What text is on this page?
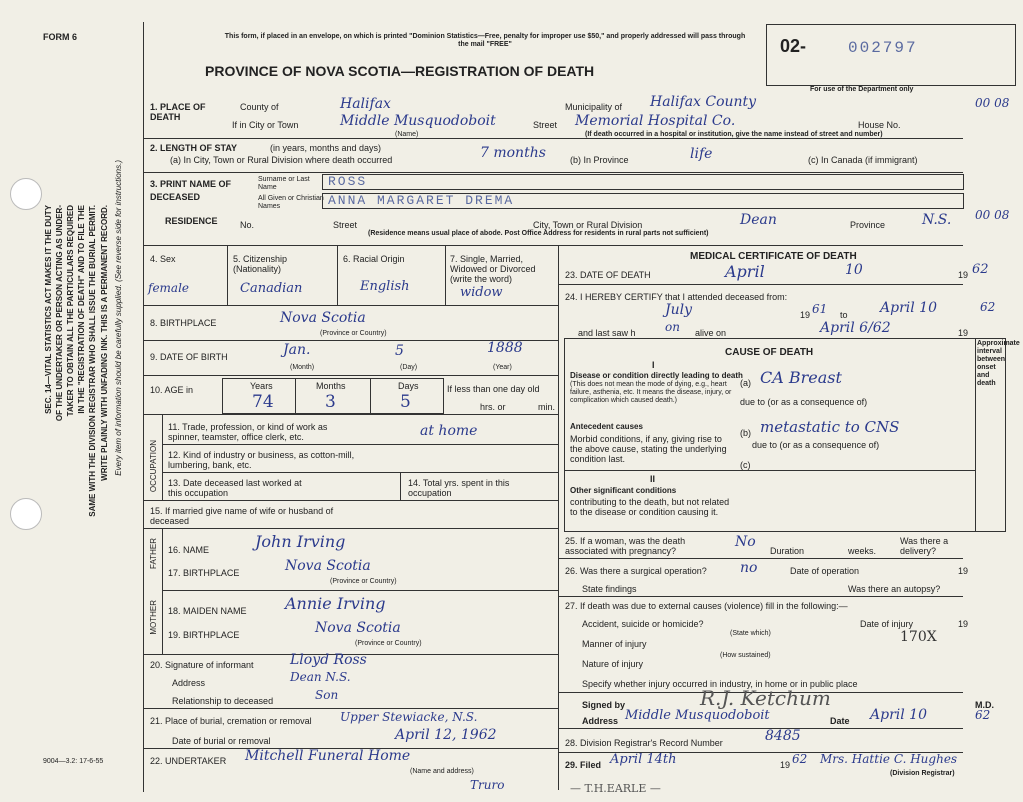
FORM 6
SEC. 14—VITAL STATISTICS ACT MAKES IT THE DUTY OF THE UNDERTAKER OR PERSON ACTING AS UNDER- TAKER TO OBTAIN ALL THE PARTICULARS REQUIRED IN THE "REGISTRATION OF DEATH" AND TO FILE THE SAME WITH THE DIVISION REGISTRAR WHO SHALL ISSUE THE BURIAL PERMIT. WRITE PLAINLY WITH UNFADING INK. THIS IS A PERMANENT RECORD. Every item of information should be carefully supplied. (See reverse side for instructions.)
9004—3.2: 17-6-55
This form, if placed in an envelope, on which is printed "Dominion Statistics—Free, penalty for improper use $50," and properly addressed will pass through the mail "FREE"
PROVINCE OF NOVA SCOTIA—REGISTRATION OF DEATH
02-	002797
For use of the Department only
00 08
00 08
1. PLACE OF DEATH
County of	Halifax	Municipality of Halifax County
If in City or Town	Middle Musquodoboit	Street Memorial Hospital Co.	House No.
(Name)	(If death occurred in a hospital or institution, give the name instead of street and number)
2. LENGTH OF STAY	(in years, months and days)
(a) In City, Town or Rural Division where death occurred	7 months	(b) In Province	life	(c) In Canada (if immigrant)
3. PRINT NAME OF DECEASED
Surname or Last Name	ROSS
All Given or Christian Names	ANNA MARGARET DREMA
RESIDENCE No.	Street	City, Town or Rural Division	Dean	Province	N.S.
(Residence means usual place of abode. Post Office Address for residents in rural parts not sufficient)
4. Sex
female
5. Citizenship (Nationality)
Canadian
6. Racial Origin
English
7. Single, Married, Widowed or Divorced (write the word)
widow
8. BIRTHPLACE	Nova Scotia
(Province or Country)
9. DATE OF BIRTH	Jan.	5	1888
(Month)	(Day)	(Year)
10. AGE in	Years
74
Months
3
Days
5
If less than one day old
hrs. or	min.
OCCUPATION
11. Trade, profession, or kind of work as spinner, teamster, office clerk, etc.	at home
12. Kind of industry or business, as cotton-mill, lumbering, bank, etc.
13. Date deceased last worked at this occupation
14. Total yrs. spent in this occupation
15. If married give name of wife or husband of deceased
FATHER
MOTHER
16. NAME	John Irving
17. BIRTHPLACE	Nova Scotia
(Province or Country)
18. MAIDEN NAME Annie Irving
19. BIRTHPLACE	Nova Scotia
(Province or Country)
20. Signature of informant	Lloyd Ross
Address	Dean N.S.
Relationship to deceased	Son
21. Place of burial, cremation or removal Upper Stewiacke, N.S.
Date of burial or removal	April 12, 1962
22. UNDERTAKER Mitchell Funeral Home
(Name and address)
Truro	— T.H.EARLE —
MEDICAL CERTIFICATE OF DEATH
23. DATE OF DEATH	April	10	19 62
24. I HEREBY CERTIFY that I attended deceased from:
July	19 61 to April 10	62
and last saw h on alive on	April 6/62	19
CAUSE OF DEATH
Approximate interval between onset and death
I
Disease or condition directly leading to death
(This does not mean the mode of dying, e.g., heart failure, asthenia, etc. It means the disease, injury, or complication which caused death.)
(a) CA Breast
due to (or as a consequence of)
Antecedent causes
Morbid conditions, if any, giving rise to the above cause, stating the underlying condition last.
(b) metastatic to CNS
due to (or as a consequence of)
(c)
II
Other significant conditions
contributing to the death, but not related to the disease or condition causing it.
25. If a woman, was the death associated with pregnancy?
No
Duration	weeks.
Was there a delivery?
26. Was there a surgical operation? no	Date of operation	19
State findings	Was there an autopsy?
27. If death was due to external causes (violence) fill in the following:—
Accident, suicide or homicide?	Date of injury	19
(State which)
Manner of injury	170X
(How sustained)
Nature of injury
Specify whether injury occurred in industry, in home or in public place
Signed by	R.J. Ketchum	M.D.
Address Middle Musquodoboit	Date April 10	62
28. Division Registrar's Record Number	8485
29. Filed April 14th	19 62 Mrs. Hattie C. Hughes
(Division Registrar)
